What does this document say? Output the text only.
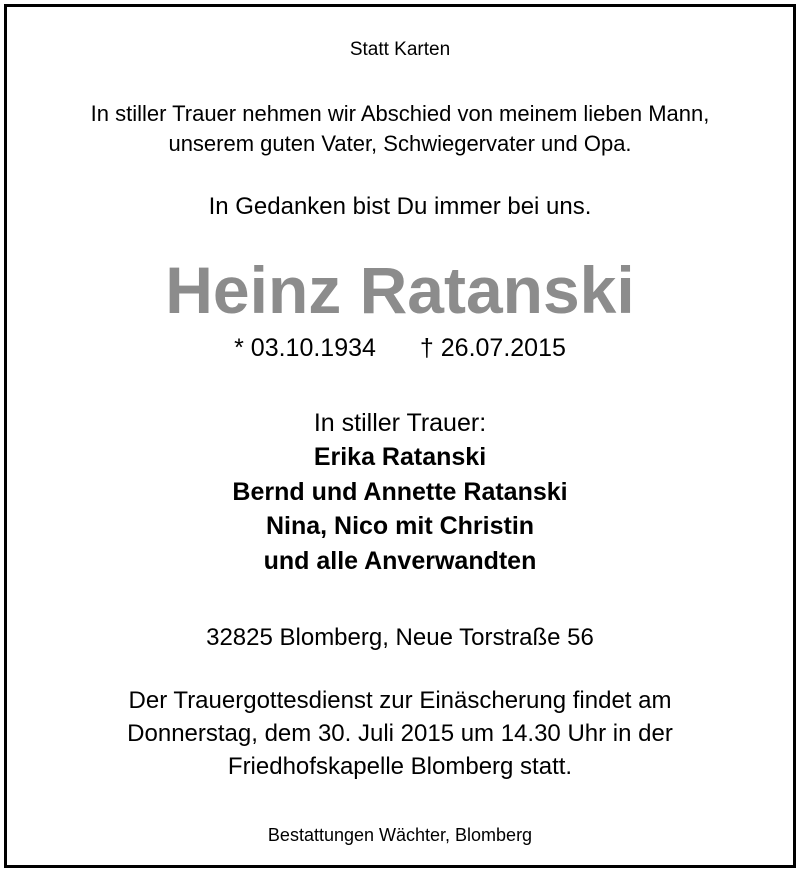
Statt Karten
In stiller Trauer nehmen wir Abschied von meinem lieben Mann,
unserem guten Vater, Schwiegervater und Opa.
In Gedanken bist Du immer bei uns.
Heinz Ratanski
* 03.10.1934 † 26.07.2015
In stiller Trauer:
Erika Ratanski
Bernd und Annette Ratanski
Nina, Nico mit Christin
und alle Anverwandten
32825 Blomberg, Neue Torstraße 56
Der Trauergottesdienst zur Einäscherung findet am
Donnerstag, dem 30. Juli 2015 um 14.30 Uhr in der
Friedhofskapelle Blomberg statt.
Bestattungen Wächter, Blomberg
